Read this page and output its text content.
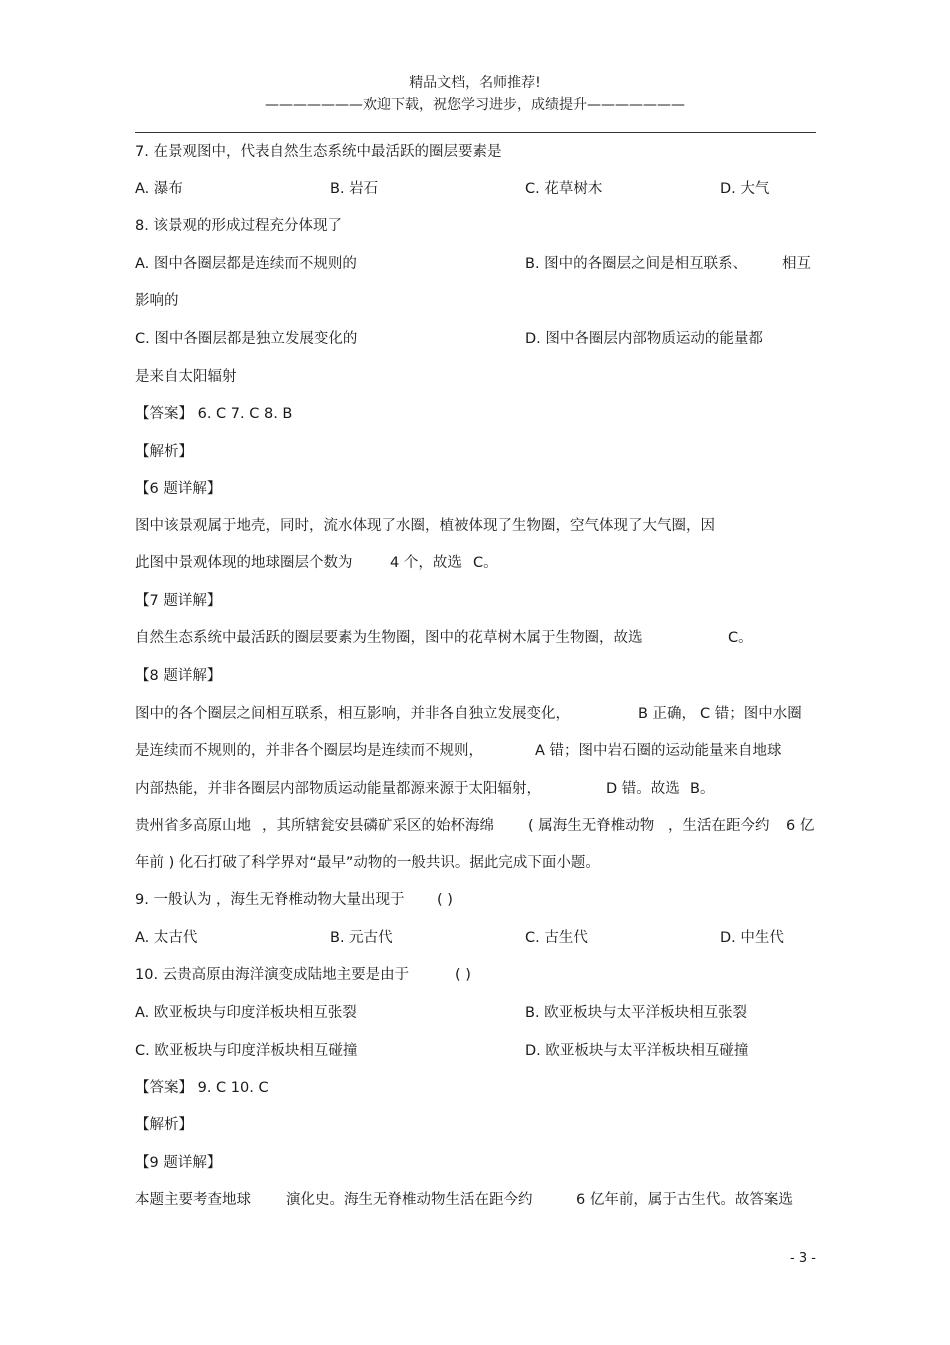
精品文档，名师推荐!
———————欢迎下载，祝您学习进步，成绩提升———————
7. 在景观图中，代表自然生态系统中最活跃的圈层要素是
A. 瀑布	B. 岩石	C. 花草树木	D. 大气
8. 该景观的形成过程充分体现了
A. 图中各圈层都是连续而不规则的	B. 图中的各圈层之间是相互联系、 相互
影响的
C. 图中各圈层都是独立发展变化的	D. 图中各圈层内部物质运动的能量都
是来自太阳辐射
【答案】 6. C 7. C 8. B
【解析】
【6 题详解】
图中该景观属于地壳，同时，流水体现了水圈，植被体现了生物圈，空气体现了大气圈，因
此图中景观体现的地球圈层个数为	4 个，故选 C。
【7 题详解】
自然生态系统中最活跃的圈层要素为生物圈，图中的花草树木属于生物圈，故选	C。
【8 题详解】
图中的各个圈层之间相互联系，相互影响，并非各自独立发展变化，	B 正确， C 错；图中水圈
是连续而不规则的，并非各个圈层均是连续而不规则，	A 错；图中岩石圈的运动能量来自地球
内部热能，并非各圈层内部物质运动能量都源来源于太阳辐射，	D 错。故选 B。
贵州省多高原山地 ，其所辖瓮安县磷矿采区的始杯海绵 ( 属海生无脊椎动物 ，生活在距今约 6 亿
年前 ) 化石打破了科学界对“最早”动物的一般共识。据此完成下面小题。
9. 一般认为 ，海生无脊椎动物大量出现于 ( )
A. 太古代	B. 元古代	C. 古生代	D. 中生代
10. 云贵高原由海洋演变成陆地主要是由于	( )
A. 欧亚板块与印度洋板块相互张裂	B. 欧亚板块与太平洋板块相互张裂
C. 欧亚板块与印度洋板块相互碰撞	D. 欧亚板块与太平洋板块相互碰撞
【答案】 9. C 10. C
【解析】
【9 题详解】
本题主要考查地球 演化史。海生无脊椎动物生活在距今约	6 亿年前，属于古生代。故答案选
- 3 -
